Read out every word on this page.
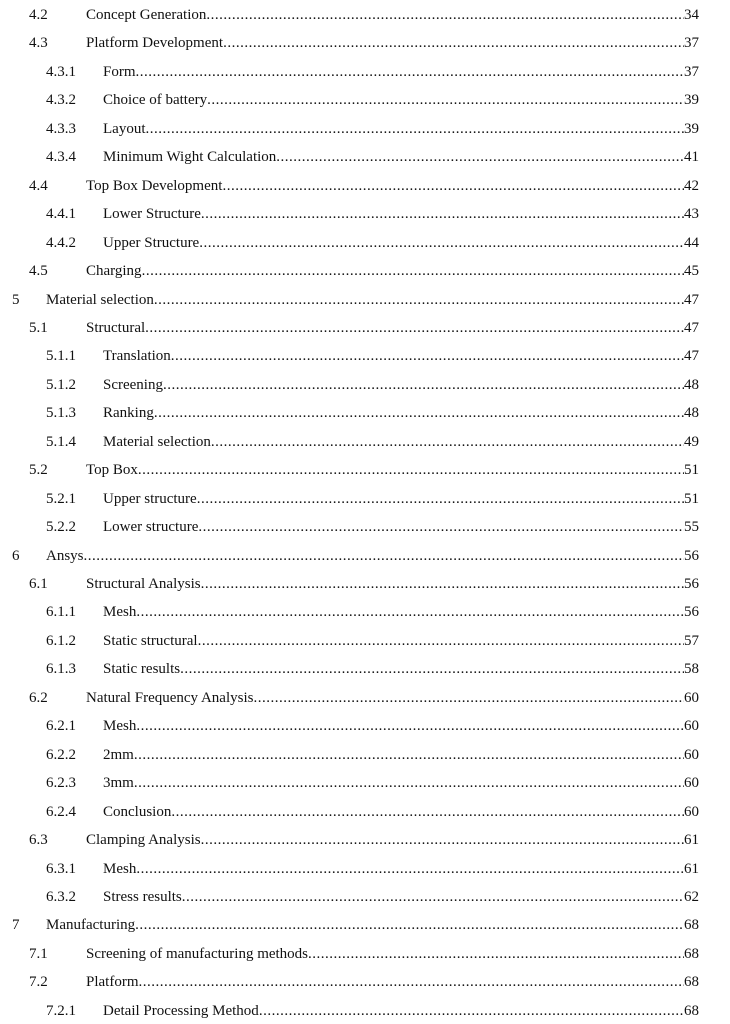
4.2	Concept Generation .....	34
4.3	Platform Development .....	37
4.3.1 Form .....	37
4.3.2 Choice of battery .....	39
4.3.3 Layout .....	39
4.3.4 Minimum Wight Calculation .....	41
4.4	Top Box Development .....	42
4.4.1 Lower Structure .....	43
4.4.2 Upper Structure .....	44
4.5	Charging .....	45
5 Material selection .....	47
5.1	Structural .....	47
5.1.1 Translation .....	47
5.1.2 Screening .....	48
5.1.3 Ranking .....	48
5.1.4 Material selection .....	49
5.2	Top Box .....	51
5.2.1 Upper structure .....	51
5.2.2 Lower structure .....	55
6 Ansys .....	56
6.1	Structural Analysis .....	56
6.1.1 Mesh .....	56
6.1.2 Static structural .....	57
6.1.3 Static results .....	58
6.2	Natural Frequency Analysis .....	60
6.2.1 Mesh .....	60
6.2.2 2mm .....	60
6.2.3 3mm .....	60
6.2.4 Conclusion .....	60
6.3	Clamping Analysis .....	61
6.3.1 Mesh .....	61
6.3.2 Stress results .....	62
7 Manufacturing .....	68
7.1	Screening of manufacturing methods .....	68
7.2	Platform .....	68
7.2.1 Detail Processing Method .....	68
